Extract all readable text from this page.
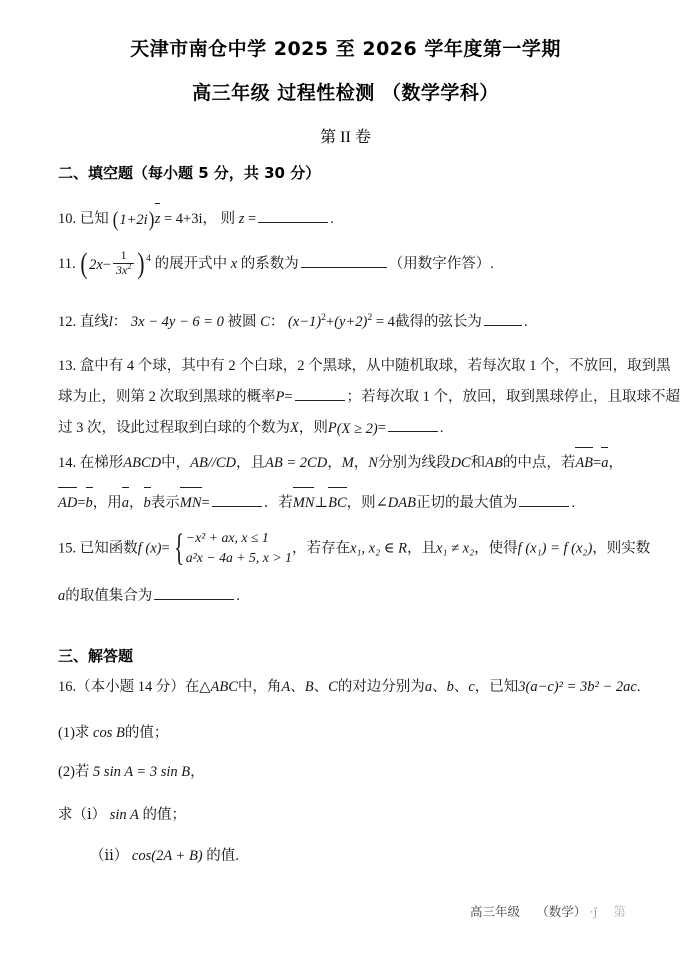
天津市南仓中学 2025 至 2026 学年度第一学期
高三年级 过程性检测 （数学学科）
第 II 卷
二、填空题（每小题 5 分，共 30 分）
10. 已知 ( 1+2i ) z = 4+3i， 则 z =	.
11. ( $2x - \frac{1}{3x^2}$ ) 4 的展开式中 x 的系数为	（用数字作答）.
12. 直线l： 3x − 4y − 6 = 0 被圆 C： $(x-1)^2+(y+2)^2 = 4$截得的弦长为	.
13. 盒中有 4 个球，其中有 2 个白球，2 个黑球，从中随机取球，若每次取 1 个，不放回，取到黑
球为止，则第 2 次取到黑球的概率P=	；若每次取 1 个，放回，取到黑球停止，且取球不超
过 3 次，设此过程取到白球的个数为X，则P (X ≥ 2) =	.
14. 在梯形ABCD中，AB//CD，且AB = 2CD，M，N分别为线段DC和AB的中点，若AB=a，
AD=b，用a，b表示MN=	．若MN⊥BC，则∠DAB正切的最大值为	.
15. 已知函数f (x)= { −x² + ax, x ≤ 1
a²x − 4a + 5, x > 1
，若存在x₁, x₂ ∈ R，且x₁ ≠ x₂，使得f (x₁) = f (x₂)，则实数
a的取值集合为	.
三、解答题
16.（本小题 14 分）在△ABC中，角A、B、C的对边分别为a、b、c，已知3(a−c)² = 3b² − 2ac.
(1)求 cos B的值；
(2)若 5 sin A = 3 sin B，
求（ⅰ） sin A 的值；
（ⅱ） cos(2A + B) 的值.
高三年级 （数学） ·ǰ 第
